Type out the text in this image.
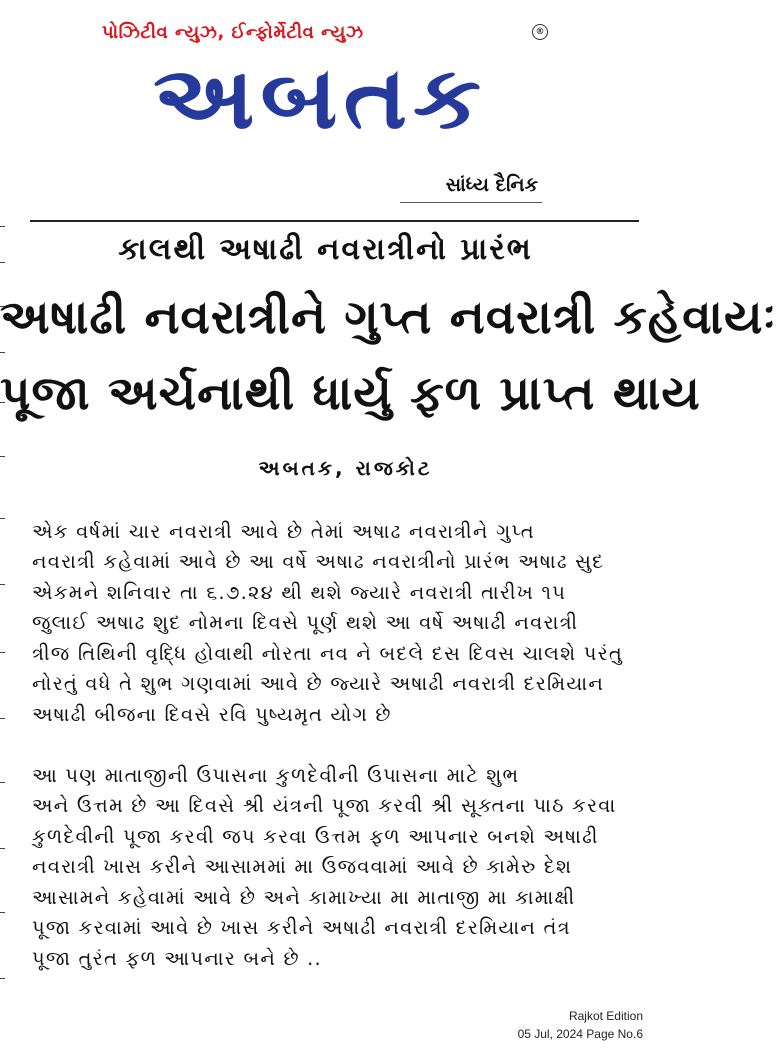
પોઝિટીવ ન્યુઝ, ઈન્ફોર્મેટીવ ન્યુઝ	®
અબતક
સાંધ્ય દૈનિક
કાલથી અષાઢી નવરાત્રીનો પ્રારંભ
અષાઢી નવરાત્રીને ગુપ્ત નવરાત્રી કહેવાયઃ
પૂજા અર્ચનાથી ધાર્યુ ફળ પ્રાપ્ત થાય
અબતક, રાજકોટ

એક વર્ષમાં ચાર નવરાત્રી આવે છે તેમાં અષાઢ નવરાત્રીને ગુપ્ત
નવરાત્રી કહેવામાં આવે છે આ વર્ષે અષાઢ નવરાત્રીનો પ્રારંભ અષાઢ સુદ
એકમને શનિવાર તા ૬.૭.૨૪ થી થશે જ્યારે નવરાત્રી તારીખ ૧૫
જુલાઈ અષાઢ શુદ નોમના દિવસે પૂર્ણ થશે આ વર્ષે અષાઢી નવરાત્રી
ત્રીજ તિથિની વૃદ્ધિ હોવાથી નોરતા નવ ને બદલે દસ દિવસ ચાલશે પરંતુ
નોરતું વધે તે શુભ ગણવામાં આવે છે જ્યારે અષાઢી નવરાત્રી દરમિયાન
અષાઢી બીજના દિવસે રવિ પુષ્યમૃત યોગ છે

આ પણ માતાજીની ઉપાસના કુળદેવીની ઉપાસના માટે શુભ
અને ઉત્તમ છે આ દિવસે શ્રી યંત્રની પૂજા કરવી શ્રી સૂક્તના પાઠ કરવા
કુળદેવીની પૂજા કરવી જપ કરવા ઉત્તમ ફળ આપનાર બનશે અષાઢી
નવરાત્રી ખાસ કરીને આસામમાં મા ઉજવવામાં આવે છે કામેરુ દેશ
આસામને કહેવામાં આવે છે અને કામાખ્યા મા માતાજી મા કામાક્ષી
પૂજા કરવામાં આવે છે ખાસ કરીને અષાઢી નવરાત્રી દરમિયાન તંત્ર
પૂજા તુરંત ફળ આપનાર બને છે ..

Rajkot Edition
05 Jul, 2024 Page No.6
